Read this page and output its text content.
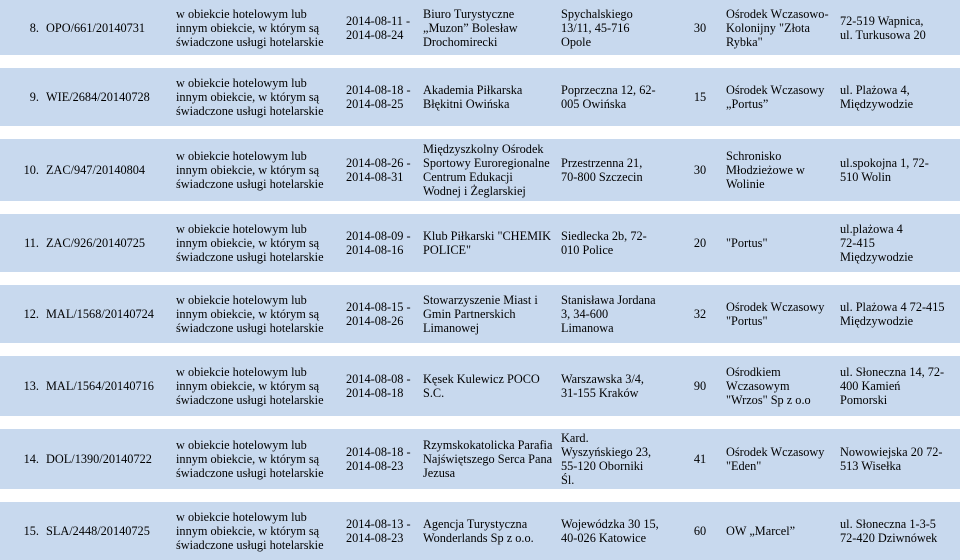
8.	OPO/661/20140731	w obiekcie hotelowym lub
innym obiekcie, w którym są
świadczone usługi hotelarskie	2014-08-11 -
2014-08-24	Biuro Turystyczne
„Muzon” Bolesław
Drochomirecki	Spychalskiego
13/11, 45-716
Opole	30	Ośrodek Wczasowo-
Kolonijny "Złota
Rybka"	72-519 Wapnica,
ul. Turkusowa 20

9.	WIE/2684/20140728	w obiekcie hotelowym lub
innym obiekcie, w którym są
świadczone usługi hotelarskie	2014-08-18 -
2014-08-25	Akademia Piłkarska
Błękitni Owińska	Poprzeczna 12, 62-
005 Owińska	15	Ośrodek Wczasowy
„Portus”	ul. Plażowa 4,
Międzywodzie

10.	ZAC/947/20140804	w obiekcie hotelowym lub
innym obiekcie, w którym są
świadczone usługi hotelarskie	2014-08-26 -
2014-08-31	Międzyszkolny Ośrodek
Sportowy Euroregionalne
Centrum Edukacji
Wodnej i Żeglarskiej	Przestrzenna 21,
70-800 Szczecin	30	Schronisko
Młodzieżowe w
Wolinie	ul.spokojna 1, 72-
510 Wolin

11.	ZAC/926/20140725	w obiekcie hotelowym lub
innym obiekcie, w którym są
świadczone usługi hotelarskie	2014-08-09 -
2014-08-16	Klub Piłkarski "CHEMIK
POLICE"	Siedlecka 2b, 72-
010 Police	20	"Portus"	ul.plażowa 4
72-415
Międzywodzie

12.	MAL/1568/20140724	w obiekcie hotelowym lub
innym obiekcie, w którym są
świadczone usługi hotelarskie	2014-08-15 -
2014-08-26	Stowarzyszenie Miast i
Gmin Partnerskich
Limanowej	Stanisława Jordana
3, 34-600
Limanowa	32	Ośrodek Wczasowy
"Portus"	ul. Plażowa 4 72-415
Międzywodzie

13.	MAL/1564/20140716	w obiekcie hotelowym lub
innym obiekcie, w którym są
świadczone usługi hotelarskie	2014-08-08 -
2014-08-18	Kęsek Kulewicz POCO
S.C.	Warszawska 3/4,
31-155 Kraków	90	Ośrodkiem
Wczasowym
"Wrzos" Sp z o.o	ul. Słoneczna 14, 72-
400 Kamień
Pomorski

14.	DOL/1390/20140722	w obiekcie hotelowym lub
innym obiekcie, w którym są
świadczone usługi hotelarskie	2014-08-18 -
2014-08-23	Rzymskokatolicka Parafia
Najświętszego Serca Pana
Jezusa	Kard.
Wyszyńskiego 23,
55-120 Oborniki
Śl.	41	Ośrodek Wczasowy
"Eden"	Nowowiejska 20 72-
513 Wisełka

15.	SLA/2448/20140725	w obiekcie hotelowym lub
innym obiekcie, w którym są
świadczone usługi hotelarskie	2014-08-13 -
2014-08-23	Agencja Turystyczna
Wonderlands Sp z o.o.	Wojewódzka 30 15,
40-026 Katowice	60	OW „Marcel”	ul. Słoneczna 1-3-5
72-420 Dziwnówek
